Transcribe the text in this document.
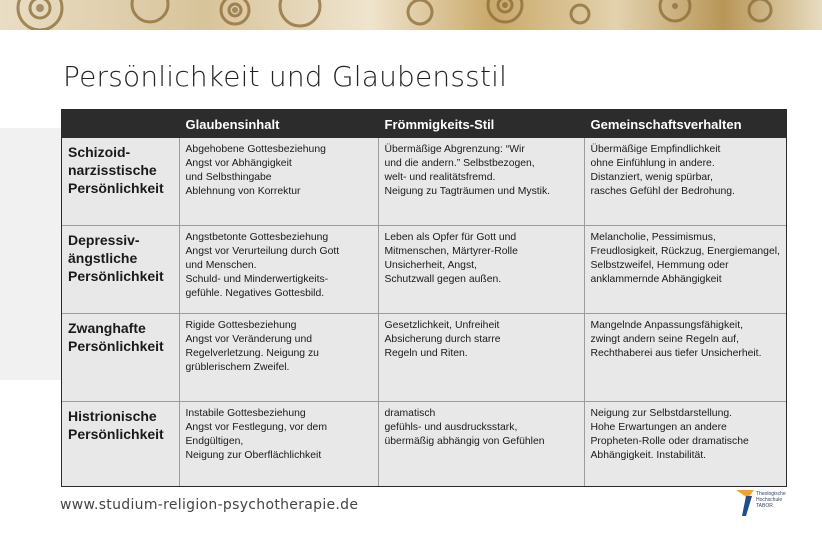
Persönlichkeit und Glaubensstil
	Glaubensinhalt	Frömmigkeits-Stil	Gemeinschaftsverhalten
Schizoid-
narzisstische
Persönlichkeit	Abgehobene Gottesbeziehung
Angst vor Abhängigkeit
und Selbsthingabe
Ablehnung von Korrektur	Übermäßige Abgrenzung: “Wir
und die andern.” Selbstbezogen,
welt- und realitätsfremd.
Neigung zu Tagträumen und Mystik.	Übermäßige Empfindlichkeit
ohne Einfühlung in andere.
Distanziert, wenig spürbar,
rasches Gefühl der Bedrohung.
Depressiv-
ängstliche
Persönlichkeit	Angstbetonte Gottesbeziehung
Angst vor Verurteilung durch Gott
und Menschen.
Schuld- und Minderwertigkeits-
gefühle. Negatives Gottesbild.	Leben als Opfer für Gott und
Mitmenschen, Märtyrer-Rolle
Unsicherheit, Angst,
Schutzwall gegen außen.	Melancholie, Pessimismus,
Freudlosigkeit, Rückzug, Energiemangel,
Selbstzweifel, Hemmung oder
anklammernde Abhängigkeit
Zwanghafte
Persönlichkeit	Rigide Gottesbeziehung
Angst vor Veränderung und
Regelverletzung. Neigung zu
grüblerischem Zweifel.	Gesetzlichkeit, Unfreiheit
Absicherung durch starre
Regeln und Riten.	Mangelnde Anpassungsfähigkeit,
zwingt andern seine Regeln auf,
Rechthaberei aus tiefer Unsicherheit.
Histrionische
Persönlichkeit	Instabile Gottesbeziehung
Angst vor Festlegung, vor dem
Endgültigen,
Neigung zur Oberflächlichkeit	dramatisch
gefühls- und ausdrucksstark,
übermäßig abhängig von Gefühlen	Neigung zur Selbstdarstellung.
Hohe Erwartungen an andere
Propheten-Rolle oder dramatische
Abhängigkeit. Instabilität.
www.studium-religion-psychotherapie.de
Theologische
Hochschule
TABOR
